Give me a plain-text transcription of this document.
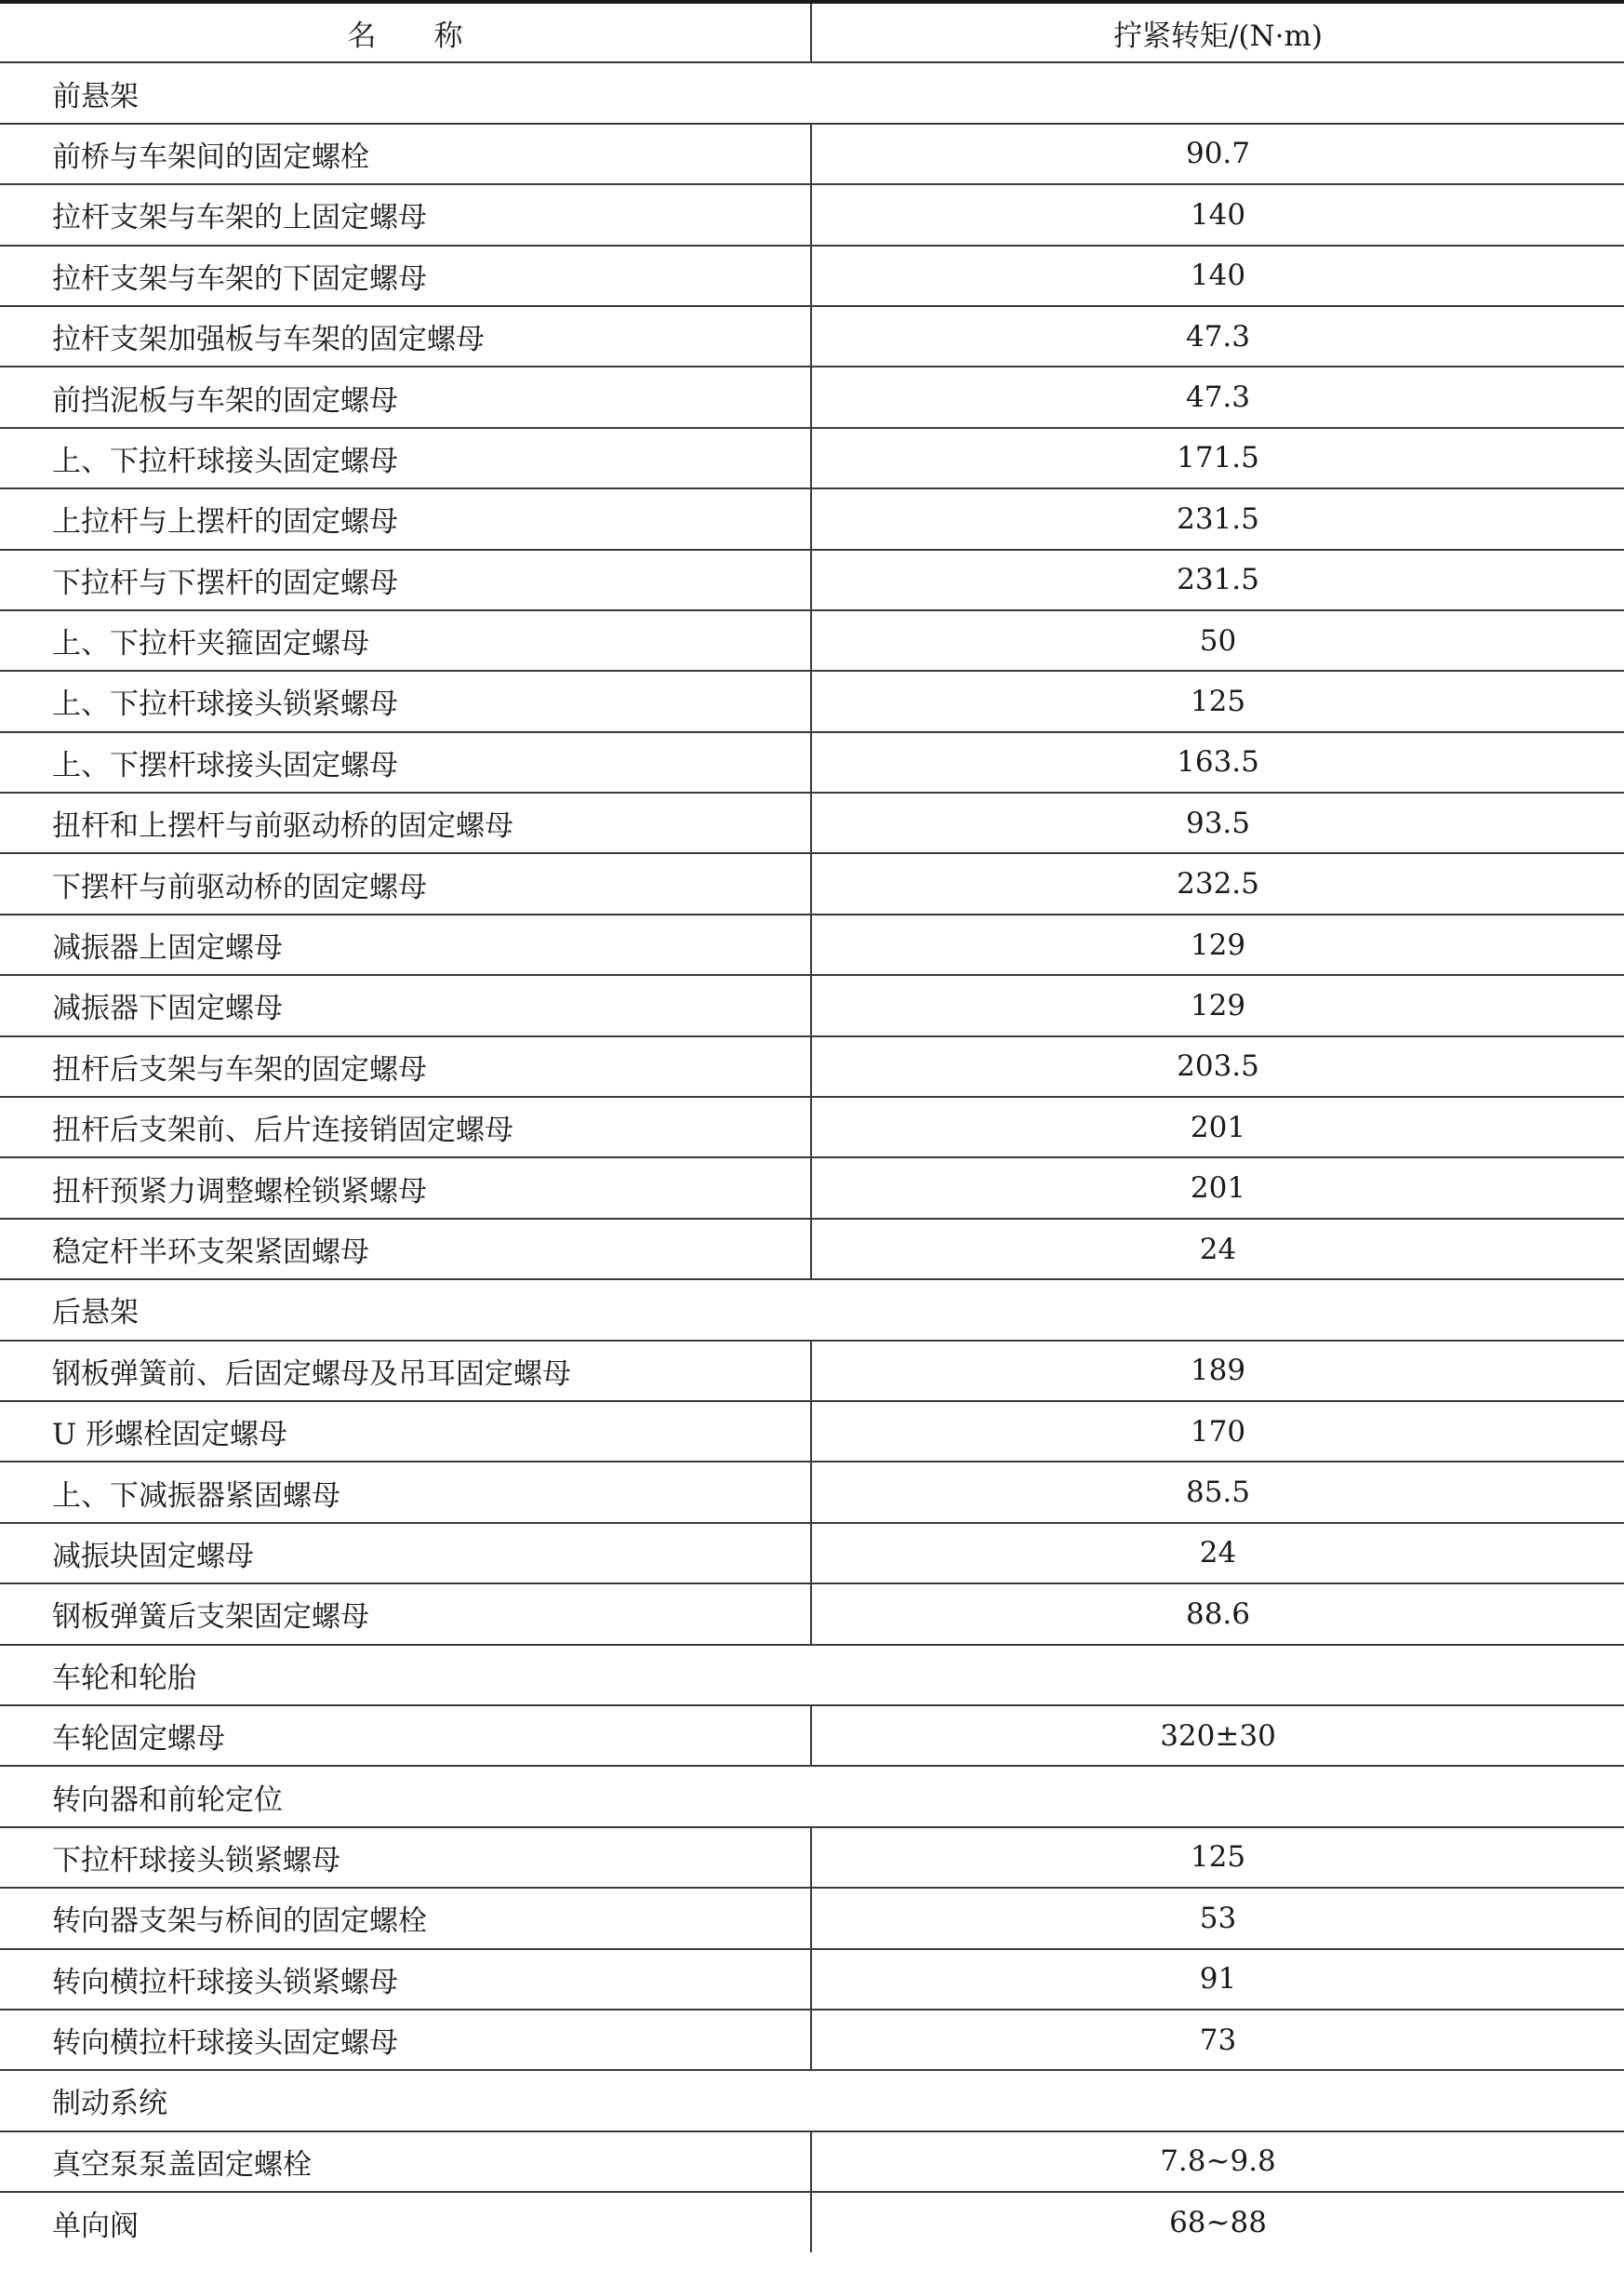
名称	拧紧转矩/(N·m)
前悬架	
前桥与车架间的固定螺栓	90.7
拉杆支架与车架的上固定螺母	140
拉杆支架与车架的下固定螺母	140
拉杆支架加强板与车架的固定螺母	47.3
前挡泥板与车架的固定螺母	47.3
上、下拉杆球接头固定螺母	171.5
上拉杆与上摆杆的固定螺母	231.5
下拉杆与下摆杆的固定螺母	231.5
上、下拉杆夹箍固定螺母	50
上、下拉杆球接头锁紧螺母	125
上、下摆杆球接头固定螺母	163.5
扭杆和上摆杆与前驱动桥的固定螺母	93.5
下摆杆与前驱动桥的固定螺母	232.5
减振器上固定螺母	129
减振器下固定螺母	129
扭杆后支架与车架的固定螺母	203.5
扭杆后支架前、后片连接销固定螺母	201
扭杆预紧力调整螺栓锁紧螺母	201
稳定杆半环支架紧固螺母	24
后悬架	
钢板弹簧前、后固定螺母及吊耳固定螺母	189
U 形螺栓固定螺母	170
上、下减振器紧固螺母	85.5
减振块固定螺母	24
钢板弹簧后支架固定螺母	88.6
车轮和轮胎	
车轮固定螺母	320±30
转向器和前轮定位	
下拉杆球接头锁紧螺母	125
转向器支架与桥间的固定螺栓	53
转向横拉杆球接头锁紧螺母	91
转向横拉杆球接头固定螺母	73
制动系统	
真空泵泵盖固定螺栓	7.8~9.8
单向阀	68~88
